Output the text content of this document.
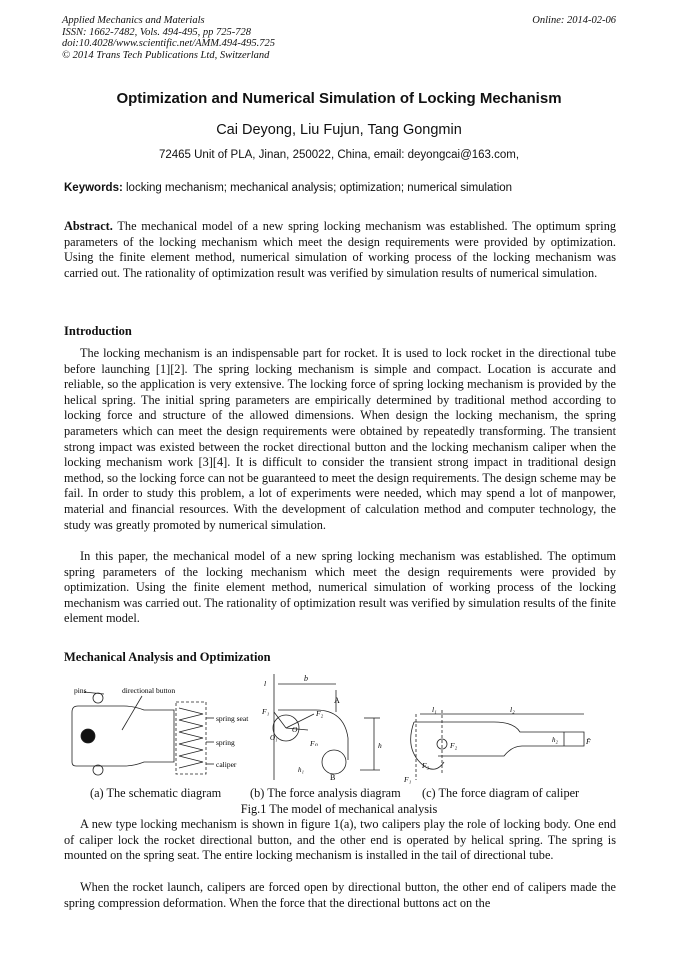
Applied Mechanics and Materials
ISSN: 1662-7482, Vols. 494-495, pp 725-728
doi:10.4028/www.scientific.net/AMM.494-495.725
© 2014 Trans Tech Publications Ltd, Switzerland
Online: 2014-02-06
Optimization and Numerical Simulation of Locking Mechanism
Cai Deyong, Liu Fujun, Tang Gongmin
72465 Unit of PLA, Jinan, 250022, China, email: deyongcai@163.com,
Keywords: locking mechanism; mechanical analysis; optimization; numerical simulation
Abstract. The mechanical model of a new spring locking mechanism was established. The optimum spring parameters of the locking mechanism which meet the design requirements were provided by optimization. Using the finite element method, numerical simulation of working process of the locking mechanism was carried out. The rationality of optimization result was verified by simulation results of numerical simulation.
Introduction
The locking mechanism is an indispensable part for rocket. It is used to lock rocket in the directional tube before launching [1][2]. The spring locking mechanism is simple and compact. Location is accurate and reliable, so the application is very extensive. The locking force of spring locking mechanism is provided by the helical spring. The initial spring parameters are empirically determined by traditional method according to locking force and structure of the allowed dimensions. When design the locking mechanism, the spring parameters which can meet the design requirements were obtained by repeatedly transforming. The transient strong impact was existed between the rocket directional button and the locking mechanism caliper when the locking mechanism work [3][4]. It is difficult to consider the transient strong impact in traditional design method, so the locking force can not be guaranteed to meet the design requirements. The design scheme may be fail. In order to study this problem, a lot of experiments were needed, which may spend a lot of manpower, material and financial resources. With the development of calculation method and computer technology, the study was greatly promoted by numerical simulation.
In this paper, the mechanical model of a new spring locking mechanism was established. The optimum spring parameters of the locking mechanism which meet the design requirements were provided by optimization. Using the finite element method, numerical simulation of working process of the locking mechanism was carried out. The rationality of optimization result was verified by simulation results of the finite element model.
Mechanical Analysis and Optimization
pins	directional button
spring seat
spring
caliper
b
A
B
O
O₁
F₁	F₂
Fₙ	h
h₁
l₁	l₂
F₂
F₃
F₁
h₂	F̂
l
(a) The schematic diagram (b) The force analysis diagram (c) The force diagram of caliper
Fig.1 The model of mechanical analysis
A new type locking mechanism is shown in figure 1(a), two calipers play the role of locking body. One end of caliper lock the rocket directional button, and the other end is operated by helical spring. The spring is mounted on the spring seat. The entire locking mechanism is installed in the tail of directional tube.
When the rocket launch, calipers are forced open by directional button, the other end of calipers made the spring compression deformation. When the force that the directional buttons act on the
